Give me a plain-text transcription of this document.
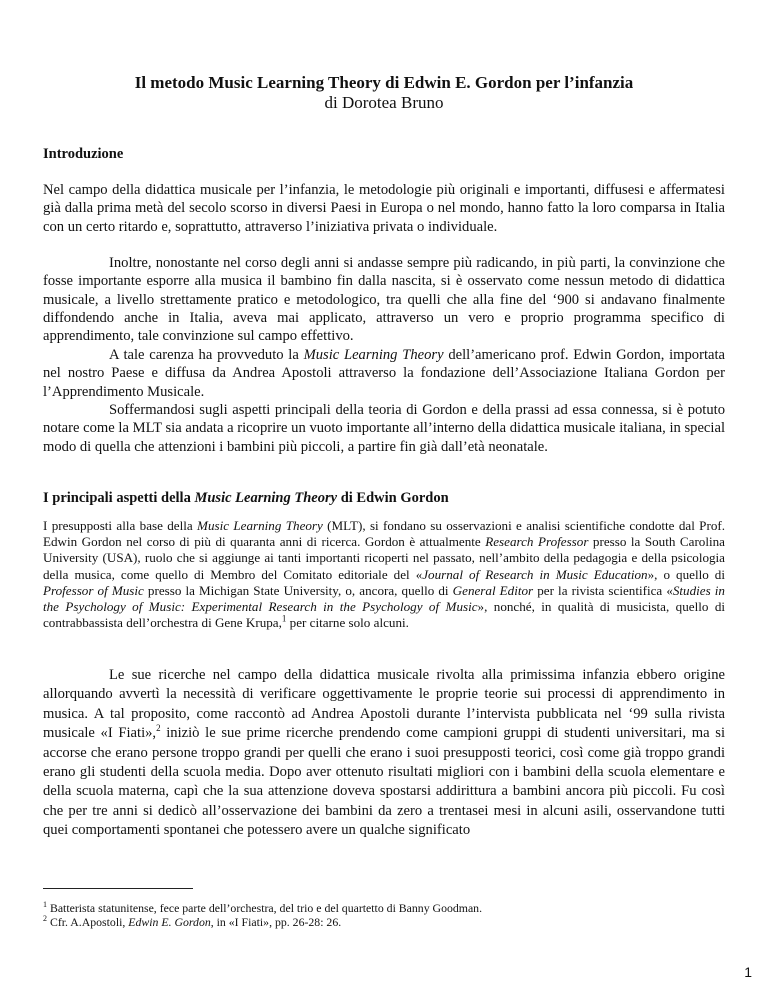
Il metodo Music Learning Theory di Edwin E. Gordon per l’infanzia
di Dorotea Bruno
Introduzione

Nel campo della didattica musicale per l’infanzia, le metodologie più originali e importanti, diffusesi e affermatesi già dalla prima metà del secolo scorso in diversi Paesi in Europa o nel mondo, hanno fatto la loro comparsa in Italia con un certo ritardo e, soprattutto, attraverso l’iniziativa privata o individuale.

Inoltre, nonostante nel corso degli anni si andasse sempre più radicando, in più parti, la convinzione che fosse importante esporre alla musica il bambino fin dalla nascita, si è osservato come nessun metodo di didattica musicale, a livello strettamente pratico e metodologico, tra quelli che alla fine del ‘900 si andavano finalmente diffondendo anche in Italia, aveva mai applicato, attraverso un vero e proprio programma specifico di apprendimento, tale convinzione sul campo effettivo.

A tale carenza ha provveduto la Music Learning Theory dell’americano prof. Edwin Gordon, importata nel nostro Paese e diffusa da Andrea Apostoli attraverso la fondazione dell’Associazione Italiana Gordon per l’Apprendimento Musicale.

Soffermandosi sugli aspetti principali della teoria di Gordon e della prassi ad essa connessa, si è potuto notare come la MLT sia andata a ricoprire un vuoto importante all’interno della didattica musicale italiana, in special modo di quella che attenzioni i bambini più piccoli, a partire fin già dall’età neonatale.

I principali aspetti della Music Learning Theory di Edwin Gordon

I presupposti alla base della Music Learning Theory (MLT), si fondano su osservazioni e analisi scientifiche condotte dal Prof. Edwin Gordon nel corso di più di quaranta anni di ricerca. Gordon è attualmente Research Professor presso la South Carolina University (USA), ruolo che si aggiunge ai tanti importanti ricoperti nel passato, nell’ambito della pedagogia e della psicologia della musica, come quello di Membro del Comitato editoriale del «Journal of Research in Music Education», o quello di Professor of Music presso la Michigan State University, o, ancora, quello di General Editor per la rivista scientifica «Studies in the Psychology of Music: Experimental Research in the Psychology of Music», nonché, in qualità di musicista, quello di contrabbassista dell’orchestra di Gene Krupa,$^1$ per citarne solo alcuni.

Le sue ricerche nel campo della didattica musicale rivolta alla primissima infanzia ebbero origine allorquando avvertì la necessità di verificare oggettivamente le proprie teorie sui processi di apprendimento in musica. A tal proposito, come raccontò ad Andrea Apostoli durante l’intervista pubblicata nel ‘99 sulla rivista musicale «I Fiati»,$^2$ iniziò le sue prime ricerche prendendo come campioni gruppi di studenti universitari, ma si accorse che erano persone troppo grandi per quelli che erano i suoi presupposti teorici, così come già troppo grandi erano gli studenti della scuola media. Dopo aver ottenuto risultati migliori con i bambini della scuola elementare e della scuola materna, capì che la sua attenzione doveva spostarsi addirittura a bambini ancora più piccoli. Fu così che per tre anni si dedicò all’osservazione dei bambini da zero a trentasei mesi in alcuni asili, osservandone tutti quei comportamenti spontanei che potessero avere un qualche significato

$^1$ Batterista statunitense, fece parte dell’orchestra, del trio e del quartetto di Banny Goodman.
$^2$ Cfr. A.Apostoli, Edwin E. Gordon, in «I Fiati», pp. 26-28: 26.
1
